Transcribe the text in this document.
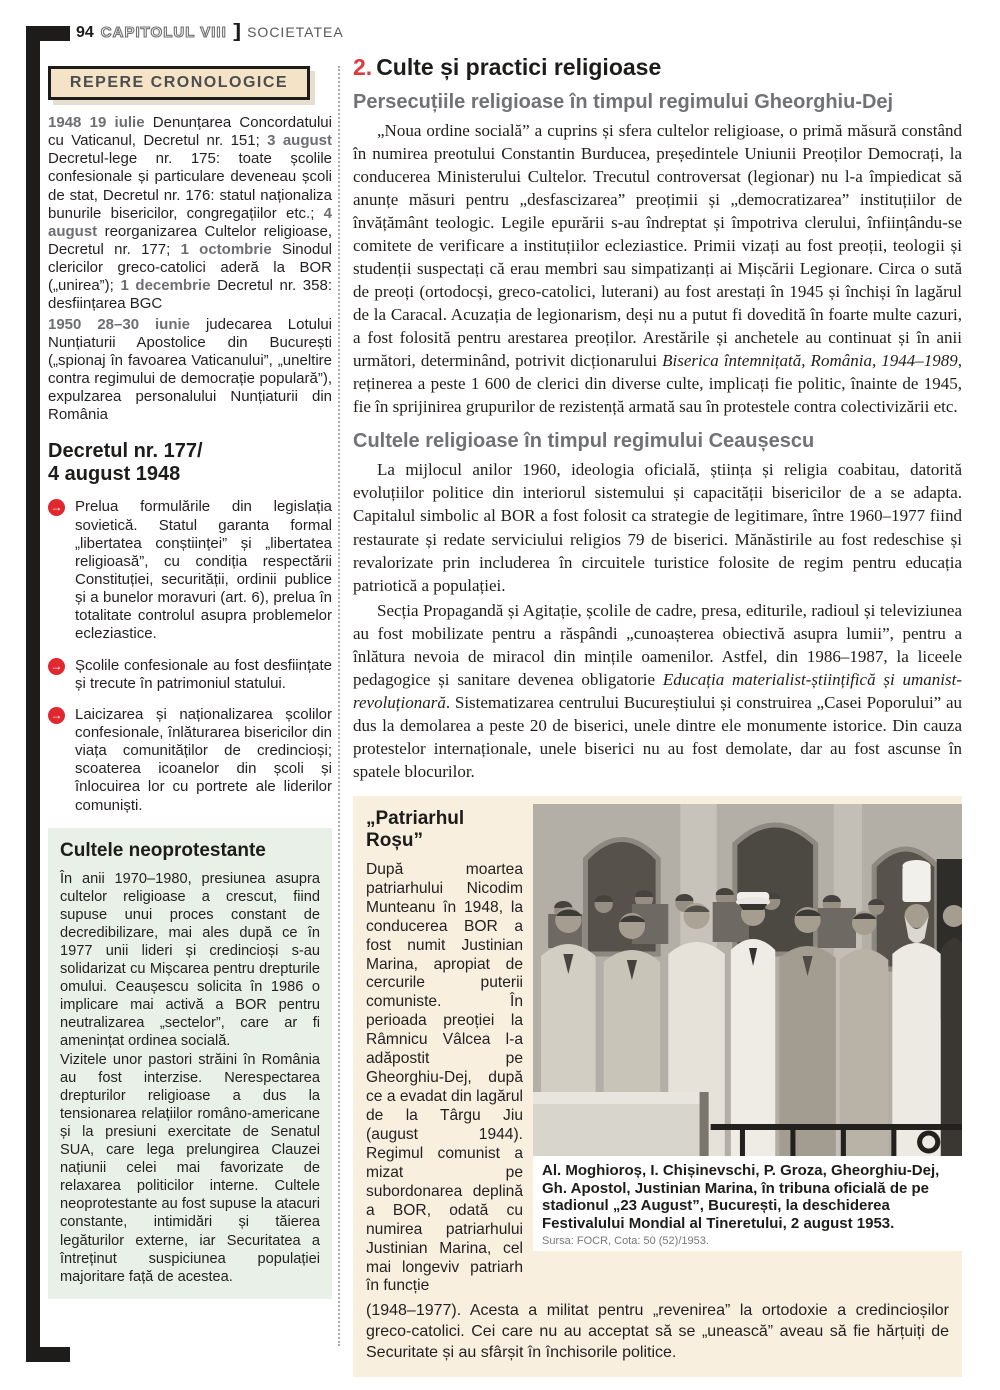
94 CAPITOLUL VIII ] SOCIETATEA
REPERE CRONOLOGICE

1948 19 iulie Denunțarea Concordatului cu Vaticanul, Decretul nr. 151; 3 august Decretul-lege nr. 175: toate școlile confesionale și particulare deveneau școli de stat, Decretul nr. 176: statul naționaliza bunurile bisericilor, congregațiilor etc.; 4 august reorganizarea Cultelor religioase, Decretul nr. 177; 1 octombrie Sinodul clericilor greco-catolici aderă la BOR („unirea”); 1 decembrie Decretul nr. 358: desființarea BGC

1950 28–30 iunie judecarea Lotului Nunțiaturii Apostolice din București („spionaj în favoarea Vaticanului”, „uneltire contra regimului de democrație populară”), expulzarea personalului Nunțiaturii din România

Decretul nr. 177/
4 august 1948
→ Prelua formulările din legislația sovietică. Statul garanta formal „libertatea conștiinței” și „libertatea religioasă”, cu condiția respectării Constituției, securității, ordinii publice și a bunelor moravuri (art. 6), prelua în totalitate controlul asupra problemelor ecleziastice.
→ Școlile confesionale au fost desființate și trecute în patrimoniul statului.
→ Laicizarea și naționalizarea școlilor confesionale, înlăturarea bisericilor din viața comunităților de credincioși; scoaterea icoanelor din școli și înlocuirea lor cu portrete ale liderilor comuniști.
Cultele neoprotestante

În anii 1970–1980, presiunea asupra cultelor religioase a crescut, fiind supuse unui proces constant de decredibilizare, mai ales după ce în 1977 unii lideri și credincioși s-au solidarizat cu Mișcarea pentru drepturile omului. Ceaușescu solicita în 1986 o implicare mai activă a BOR pentru neutralizarea „sectelor”, care ar fi amenințat ordinea socială.

Vizitele unor pastori străini în România au fost interzise. Nerespectarea drepturilor religioase a dus la tensionarea relațiilor româno-americane și la presiuni exercitate de Senatul SUA, care lega prelungirea Clauzei națiunii celei mai favorizate de relaxarea politicilor interne. Cultele neoprotestante au fost supuse la atacuri constante, intimidări și tăierea legăturilor externe, iar Securitatea a întreținut suspiciunea populației majoritare față de acestea.

2. Culte și practici religioase
Persecuțiile religioase în timpul regimului Gheorghiu-Dej

„Noua ordine socială” a cuprins și sfera cultelor religioase, o primă măsură constând în numirea preotului Constantin Burducea, președintele Uniunii Preoților Democrați, la conducerea Ministerului Cultelor. Trecutul controversat (legionar) nu l-a împiedicat să anunțe măsuri pentru „desfascizarea” preoțimii și „democratizarea” instituțiilor de învățământ teologic. Legile epurării s-au îndreptat și împotriva clerului, înființându-se comitete de verificare a instituțiilor ecleziastice. Primii vizați au fost preoții, teologii și studenții suspectați că erau membri sau simpatizanți ai Mișcării Legionare. Circa o sută de preoți (ortodocși, greco-catolici, luterani) au fost arestați în 1945 și închiși în lagărul de la Caracal. Acuzația de legionarism, deși nu a putut fi dovedită în foarte multe cazuri, a fost folosită pentru arestarea preoților. Arestările și anchetele au continuat și în anii următori, determinând, potrivit dicționarului Biserica întemnițată, România, 1944–1989, reținerea a peste 1 600 de clerici din diverse culte, implicați fie politic, înainte de 1945, fie în sprijinirea grupurilor de rezistență armată sau în protestele contra colectivizării etc.

Cultele religioase în timpul regimului Ceaușescu

La mijlocul anilor 1960, ideologia oficială, știința și religia coabitau, datorită evoluțiilor politice din interiorul sistemului și capacității bisericilor de a se adapta. Capitalul simbolic al BOR a fost folosit ca strategie de legitimare, între 1960–1977 fiind restaurate și redate serviciului religios 79 de biserici. Mănăstirile au fost redeschise și revalorizate prin includerea în circuitele turistice folosite de regim pentru educația patriotică a populației.

Secția Propagandă și Agitație, școlile de cadre, presa, editurile, radioul și televiziunea au fost mobilizate pentru a răspândi „cunoașterea obiectivă asupra lumii”, pentru a înlătura nevoia de miracol din mințile oamenilor. Astfel, din 1986–1987, la liceele pedagogice și sanitare devenea obligatorie Educația materialist-științifică și umanist-revoluționară. Sistematizarea centrului Bucureștiului și construirea „Casei Poporului” au dus la demolarea a peste 20 de biserici, unele dintre ele monumente istorice. Din cauza protestelor internaționale, unele biserici nu au fost demolate, dar au fost ascunse în spatele blocurilor.

„Patriarhul Roșu”

După moartea patriarhului Nicodim Munteanu în 1948, la conducerea BOR a fost numit Justinian Marina, apropiat de cercurile puterii comuniste. În perioada preoției la Râmnicu Vâlcea l-a adăpostit pe Gheorghiu-Dej, după ce a evadat din lagărul de la Târgu Jiu (august 1944). Regimul comunist a mizat pe subordonarea deplină a BOR, odată cu numirea patriarhului Justinian Marina, cel mai longeviv patriarh în funcție

Al. Moghioroș, I. Chișinevschi, P. Groza, Gheorghiu-Dej, Gh. Apostol, Justinian Marina, în tribuna oficială de pe stadionul „23 August”, București, la deschiderea Festivalului Mondial al Tineretului, 2 august 1953.

Sursa: FOCR, Cota: 50 (52)/1953.

(1948–1977). Acesta a militat pentru „revenirea” la ortodoxie a credincioșilor greco-catolici. Cei care nu au acceptat să se „unească” aveau să fie hărțuiți de Securitate și au sfârșit în închisorile politice.
